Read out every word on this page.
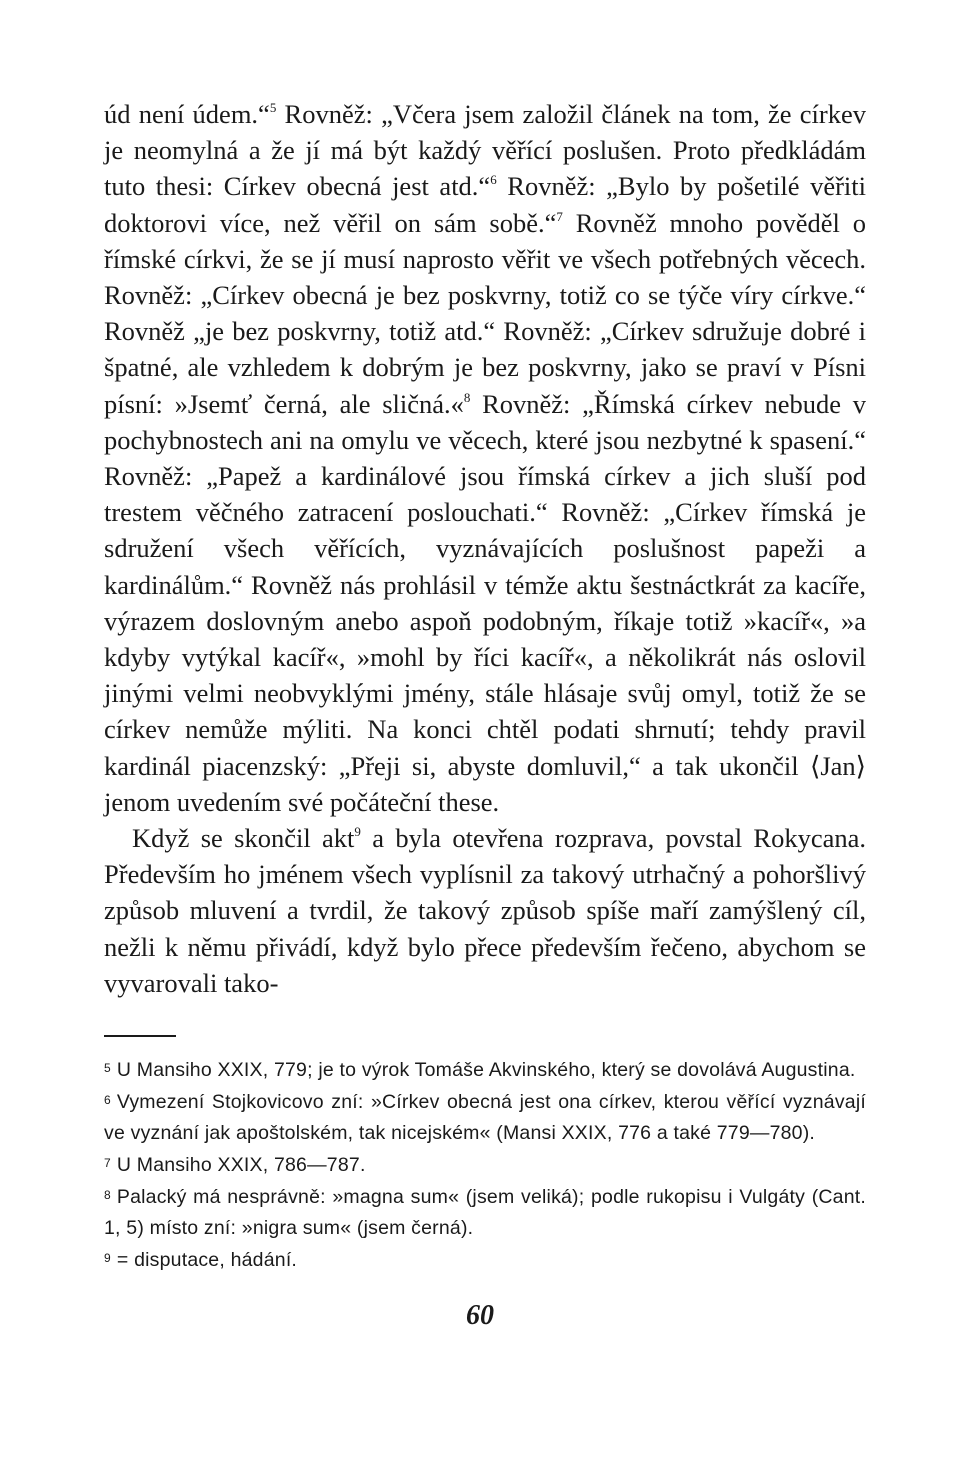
úd není údem.“$^5$ Rovněž: „Včera jsem založil článek na tom, že církev je neomylná a že jí má být každý věřící poslušen. Proto předkládám tuto thesi: Církev obecná jest atd.“$^6$ Rovněž: „Bylo by pošetilé věřiti doktorovi více, než věřil on sám sobě.“$^7$ Rovněž mnoho pověděl o římské církvi, že se jí musí naprosto věřit ve všech potřebných věcech. Rovněž: „Církev obecná je bez poskvrny, totiž co se týče víry církve.“ Rovněž „je bez poskvrny, totiž atd.“ Rovněž: „Církev sdružuje dobré i špatné, ale vzhledem k dobrým je bez poskvrny, jako se praví v Písni písní: »Jsemť černá, ale sličná.«$^8$ Rovněž: „Římská církev nebude v pochybnostech ani na omylu ve věcech, které jsou nezbytné k spasení.“ Rovněž: „Papež a kardinálové jsou římská církev a jich sluší pod trestem věčného zatracení poslouchati.“ Rovněž: „Církev římská je sdružení všech věřících, vyznávajících poslušnost papeži a kardinálům.“ Rovněž nás prohlásil v témže aktu šestnáctkrát za kacíře, výrazem doslovným anebo aspoň podobným, říkaje totiž »kacíř«, »a kdyby vytýkal kacíř«, »mohl by říci kacíř«, a několikrát nás oslovil jinými velmi neobvyklými jmény, stále hlásaje svůj omyl, totiž že se církev nemůže mýliti. Na konci chtěl podati shrnutí; tehdy pravil kardinál piacenzský: „Přeji si, abyste domluvil,“ a tak ukončil ⟨Jan⟩ jenom uvedením své počáteční these.

Když se skončil akt$^9$ a byla otevřena rozprava, povstal Rokycana. Především ho jménem všech vyplísnil za takový utrhačný a pohoršlivý způsob mluvení a tvrdil, že takový způsob spíše maří zamýšlený cíl, nežli k němu přivádí, když bylo přece především řečeno, abychom se vyvarovali tako-

$^5$ U Mansiho XXIX, 779; je to výrok Tomáše Akvinského, který se dovolává Augustina.

$^6$ Vymezení Stojkovicovo zní: »Církev obecná jest ona církev, kterou věřící vyznávají ve vyznání jak apoštolském, tak nicejském« (Mansi XXIX, 776 a také 779—780).

$^7$ U Mansiho XXIX, 786—787.

$^8$ Palacký má nesprávně: »magna sum« (jsem veliká); podle rukopisu i Vulgáty (Cant. 1, 5) místo zní: »nigra sum« (jsem černá).

$^9$ = disputace, hádání.

60
